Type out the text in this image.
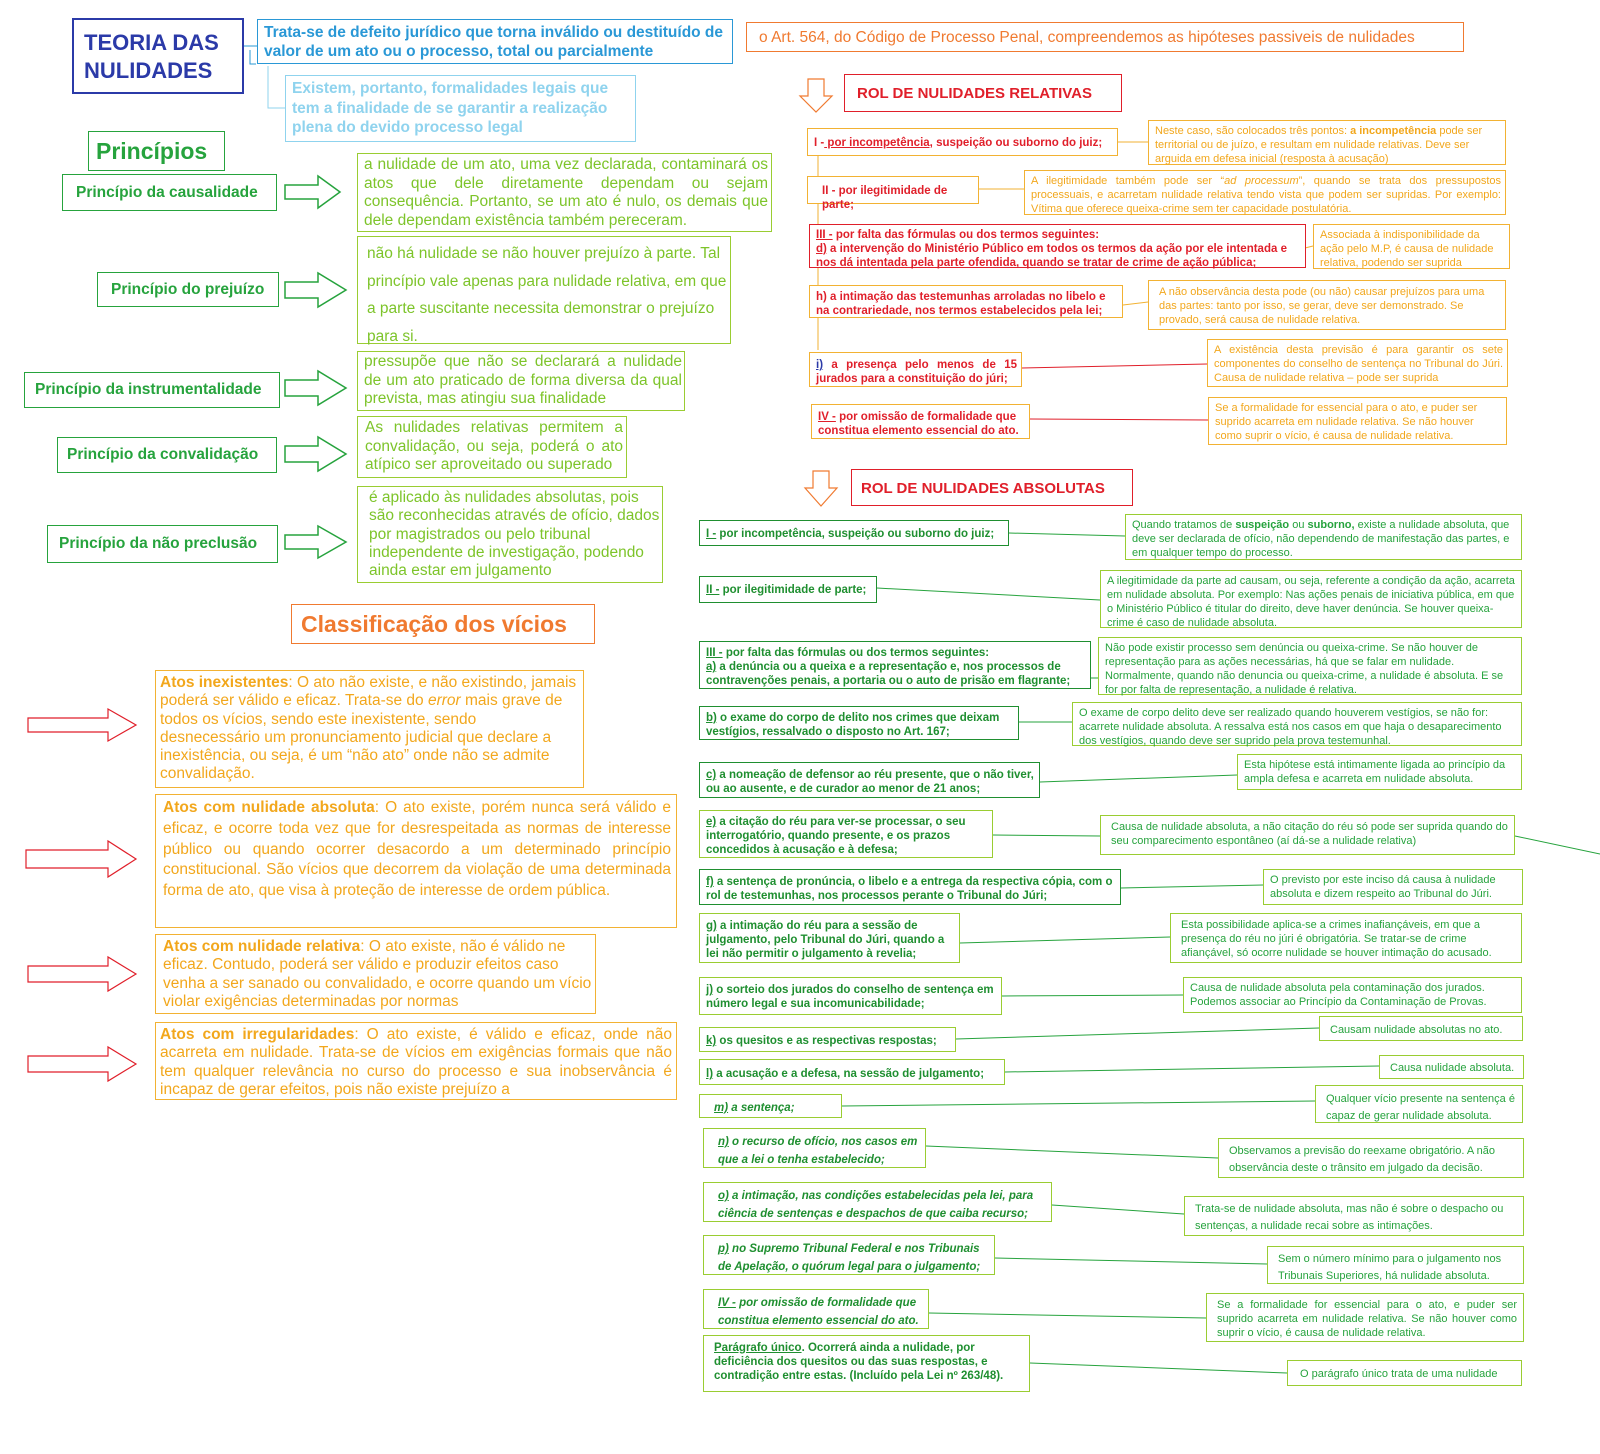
TEORIA DAS NULIDADES
Trata-se de defeito jurídico que torna inválido ou destituído de valor de um ato ou o processo, total ou parcialmente
Existem, portanto, formalidades legais que tem a finalidade de se garantir a realização plena do devido processo legal
o Art. 564, do Código de Processo Penal, compreendemos as hipóteses passiveis de nulidades
Princípios
Princípio da causalidade
Princípio do prejuízo
Princípio da instrumentalidade
Princípio da convalidação
Princípio da não preclusão
a nulidade de um ato, uma vez declarada, contaminará os atos que dele diretamente dependam ou sejam consequência. Portanto, se um ato é nulo, os demais que dele dependam existência também pereceram.
não há nulidade se não houver prejuízo à parte. Tal princípio vale apenas para nulidade relativa, em que a parte suscitante necessita demonstrar o prejuízo para si.
pressupõe que não se declarará a nulidade de um ato praticado de forma diversa da qual prevista, mas atingiu sua finalidade
As nulidades relativas permitem a convalidação, ou seja, poderá o ato atípico ser aproveitado ou superado
é aplicado às nulidades absolutas, pois são reconhecidas através de ofício, dados por magistrados ou pelo tribunal independente de investigação, podendo ainda estar em julgamento
Classificação dos vícios
Atos inexistentes: O ato não existe, e não existindo, jamais poderá ser válido e eficaz. Trata-se do error mais grave de todos os vícios, sendo este inexistente, sendo desnecessário um pronunciamento judicial que declare a inexistência, ou seja, é um “não ato” onde não se admite convalidação.
Atos com nulidade absoluta: O ato existe, porém nunca será válido e eficaz, e ocorre toda vez que for desrespeitada as normas de interesse público ou quando ocorrer desacordo a um determinado princípio constitucional. São vícios que decorrem da violação de uma determinada forma de ato, que visa à proteção de interesse de ordem pública.
Atos com nulidade relativa: O ato existe, não é válido ne eficaz. Contudo, poderá ser válido e produzir efeitos caso venha a ser sanado ou convalidado, e ocorre quando um vício violar exigências determinadas por normas
Atos com irregularidades: O ato existe, é válido e eficaz, onde não acarreta em nulidade. Trata-se de vícios em exigências formais que não tem qualquer relevância no curso do processo e sua inobservância é incapaz de gerar efeitos, pois não existe prejuízo a
ROL DE NULIDADES RELATIVAS
I - por incompetência, suspeição ou suborno do juiz;
Neste caso, são colocados três pontos: a incompetência pode ser territorial ou de juízo, e resultam em nulidade relativas. Deve ser arguida em defesa inicial (resposta à acusação)
II - por ilegitimidade de parte;
A ilegitimidade também pode ser “ad processum”, quando se trata dos pressupostos processuais, e acarretam nulidade relativa tendo vista que podem ser supridas. Por exemplo: Vítima que oferece queixa-crime sem ter capacidade postulatória.
III - por falta das fórmulas ou dos termos seguintes:
d) a intervenção do Ministério Público em todos os termos da ação por ele intentada e nos dá intentada pela parte ofendida, quando se tratar de crime de ação pública;
Associada à indisponibilidade da ação pelo M.P, é causa de nulidade relativa, podendo ser suprida
h) a intimação das testemunhas arroladas no libelo e na contrariedade, nos termos estabelecidos pela lei;
A não observância desta pode (ou não) causar prejuízos para uma das partes: tanto por isso, se gerar, deve ser demonstrado. Se provado, será causa de nulidade relativa.
i) a presença pelo menos de 15 jurados para a constituição do júri;
A existência desta previsão é para garantir os sete componentes do conselho de sentença no Tribunal do Júri. Causa de nulidade relativa – pode ser suprida
IV - por omissão de formalidade que constitua elemento essencial do ato.
Se a formalidade for essencial para o ato, e puder ser suprido acarreta em nulidade relativa. Se não houver como suprir o vício, é causa de nulidade relativa.
ROL DE NULIDADES ABSOLUTAS
I - por incompetência, suspeição ou suborno do juiz;
Quando tratamos de suspeição ou suborno, existe a nulidade absoluta, que deve ser declarada de ofício, não dependendo de manifestação das partes, e em qualquer tempo do processo.
II - por ilegitimidade de parte;
A ilegitimidade da parte ad causam, ou seja, referente a condição da ação, acarreta em nulidade absoluta. Por exemplo: Nas ações penais de iniciativa pública, em que o Ministério Público é titular do direito, deve haver denúncia. Se houver queixa-crime é caso de nulidade absoluta.
III - por falta das fórmulas ou dos termos seguintes:
a) a denúncia ou a queixa e a representação e, nos processos de contravenções penais, a portaria ou o auto de prisão em flagrante;
Não pode existir processo sem denúncia ou queixa-crime. Se não houver de representação para as ações necessárias, há que se falar em nulidade. Normalmente, quando não denuncia ou queixa-crime, a nulidade é absoluta. E se for por falta de representação, a nulidade é relativa.
b) o exame do corpo de delito nos crimes que deixam vestígios, ressalvado o disposto no Art. 167;
O exame de corpo delito deve ser realizado quando houverem vestígios, se não for: acarrete nulidade absoluta. A ressalva está nos casos em que haja o desaparecimento dos vestígios, quando deve ser suprido pela prova testemunhal.
c) a nomeação de defensor ao réu presente, que o não tiver, ou ao ausente, e de curador ao menor de 21 anos;
Esta hipótese está intimamente ligada ao princípio da ampla defesa e acarreta em nulidade absoluta.
e) a citação do réu para ver-se processar, o seu interrogatório, quando presente, e os prazos concedidos à acusação e à defesa;
Causa de nulidade absoluta, a não citação do réu só pode ser suprida quando do seu comparecimento espontâneo (aí dá-se a nulidade relativa)
f) a sentença de pronúncia, o libelo e a entrega da respectiva cópia, com o rol de testemunhas, nos processos perante o Tribunal do Júri;
O previsto por este inciso dá causa à nulidade absoluta e dizem respeito ao Tribunal do Júri.
g) a intimação do réu para a sessão de julgamento, pelo Tribunal do Júri, quando a lei não permitir o julgamento à revelia;
Esta possibilidade aplica-se a crimes inafiançáveis, em que a presença do réu no júri é obrigatória. Se tratar-se de crime afiançável, só ocorre nulidade se houver intimação do acusado.
j) o sorteio dos jurados do conselho de sentença em número legal e sua incomunicabilidade;
Causa de nulidade absoluta pela contaminação dos jurados. Podemos associar ao Princípio da Contaminação de Provas.
k) os quesitos e as respectivas respostas;
Causam nulidade absolutas no ato.
l) a acusação e a defesa, na sessão de julgamento;	Causa nulidade absoluta.
m) a sentença;
Qualquer vício presente na sentença é capaz de gerar nulidade absoluta.
n) o recurso de ofício, nos casos em que a lei o tenha estabelecido;
Observamos a previsão do reexame obrigatório. A não observância deste o trânsito em julgado da decisão.
o) a intimação, nas condições estabelecidas pela lei, para ciência de sentenças e despachos de que caiba recurso;	Trata-se de nulidade absoluta, mas não é sobre o despacho ou sentenças, a nulidade recai sobre as intimações.
p) no Supremo Tribunal Federal e nos Tribunais de Apelação, o quórum legal para o julgamento;
Sem o número mínimo para o julgamento nos Tribunais Superiores, há nulidade absoluta.
IV - por omissão de formalidade que constitua elemento essencial do ato.
Se a formalidade for essencial para o ato, e puder ser suprido acarreta em nulidade relativa. Se não houver como suprir o vício, é causa de nulidade relativa.
Parágrafo único. Ocorrerá ainda a nulidade, por deficiência dos quesitos ou das suas respostas, e contradição entre estas. (Incluído pela Lei nº 263/48).	O parágrafo único trata de uma nulidade
